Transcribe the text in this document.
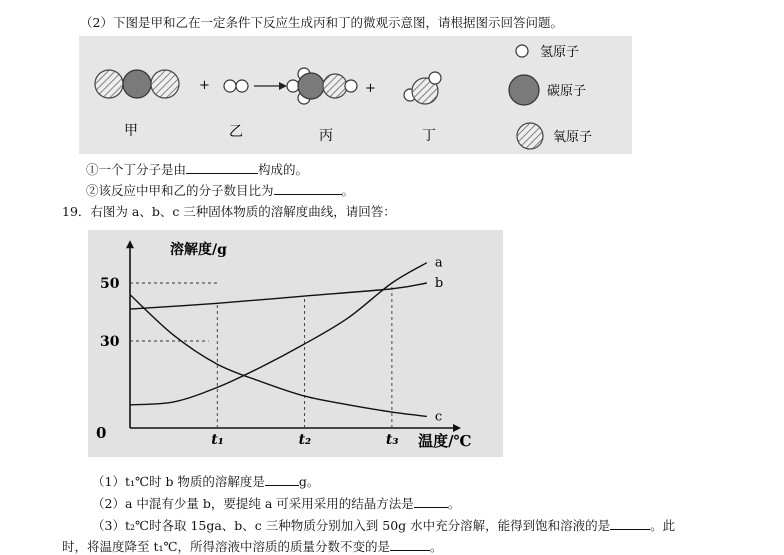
（2）下图是甲和乙在一定条件下反应生成丙和丁的微观示意图，请根据图示回答问题。
+	+
甲	乙	丙	丁
氢原子
碳原子
氧原子
①一个丁分子是由	构成的。
②该反应中甲和乙的分子数目比为	。
19．右图为 a、b、c 三种固体物质的溶解度曲线，请回答：
30
50
t₁	t₂	t₃
a
b
c
溶解度/g
温度/℃
0
（1）t₁℃时 b 物质的溶解度是	g。
（2）a 中混有少量 b，要提纯 a 可采用采用的结晶方法是	。
（3）t₂℃时各取 15ga、b、c 三种物质分别加入到 50g 水中充分溶解，能得到饱和溶液的是	。此
时，将温度降至 t₁℃，所得溶液中溶质的质量分数不变的是	。
